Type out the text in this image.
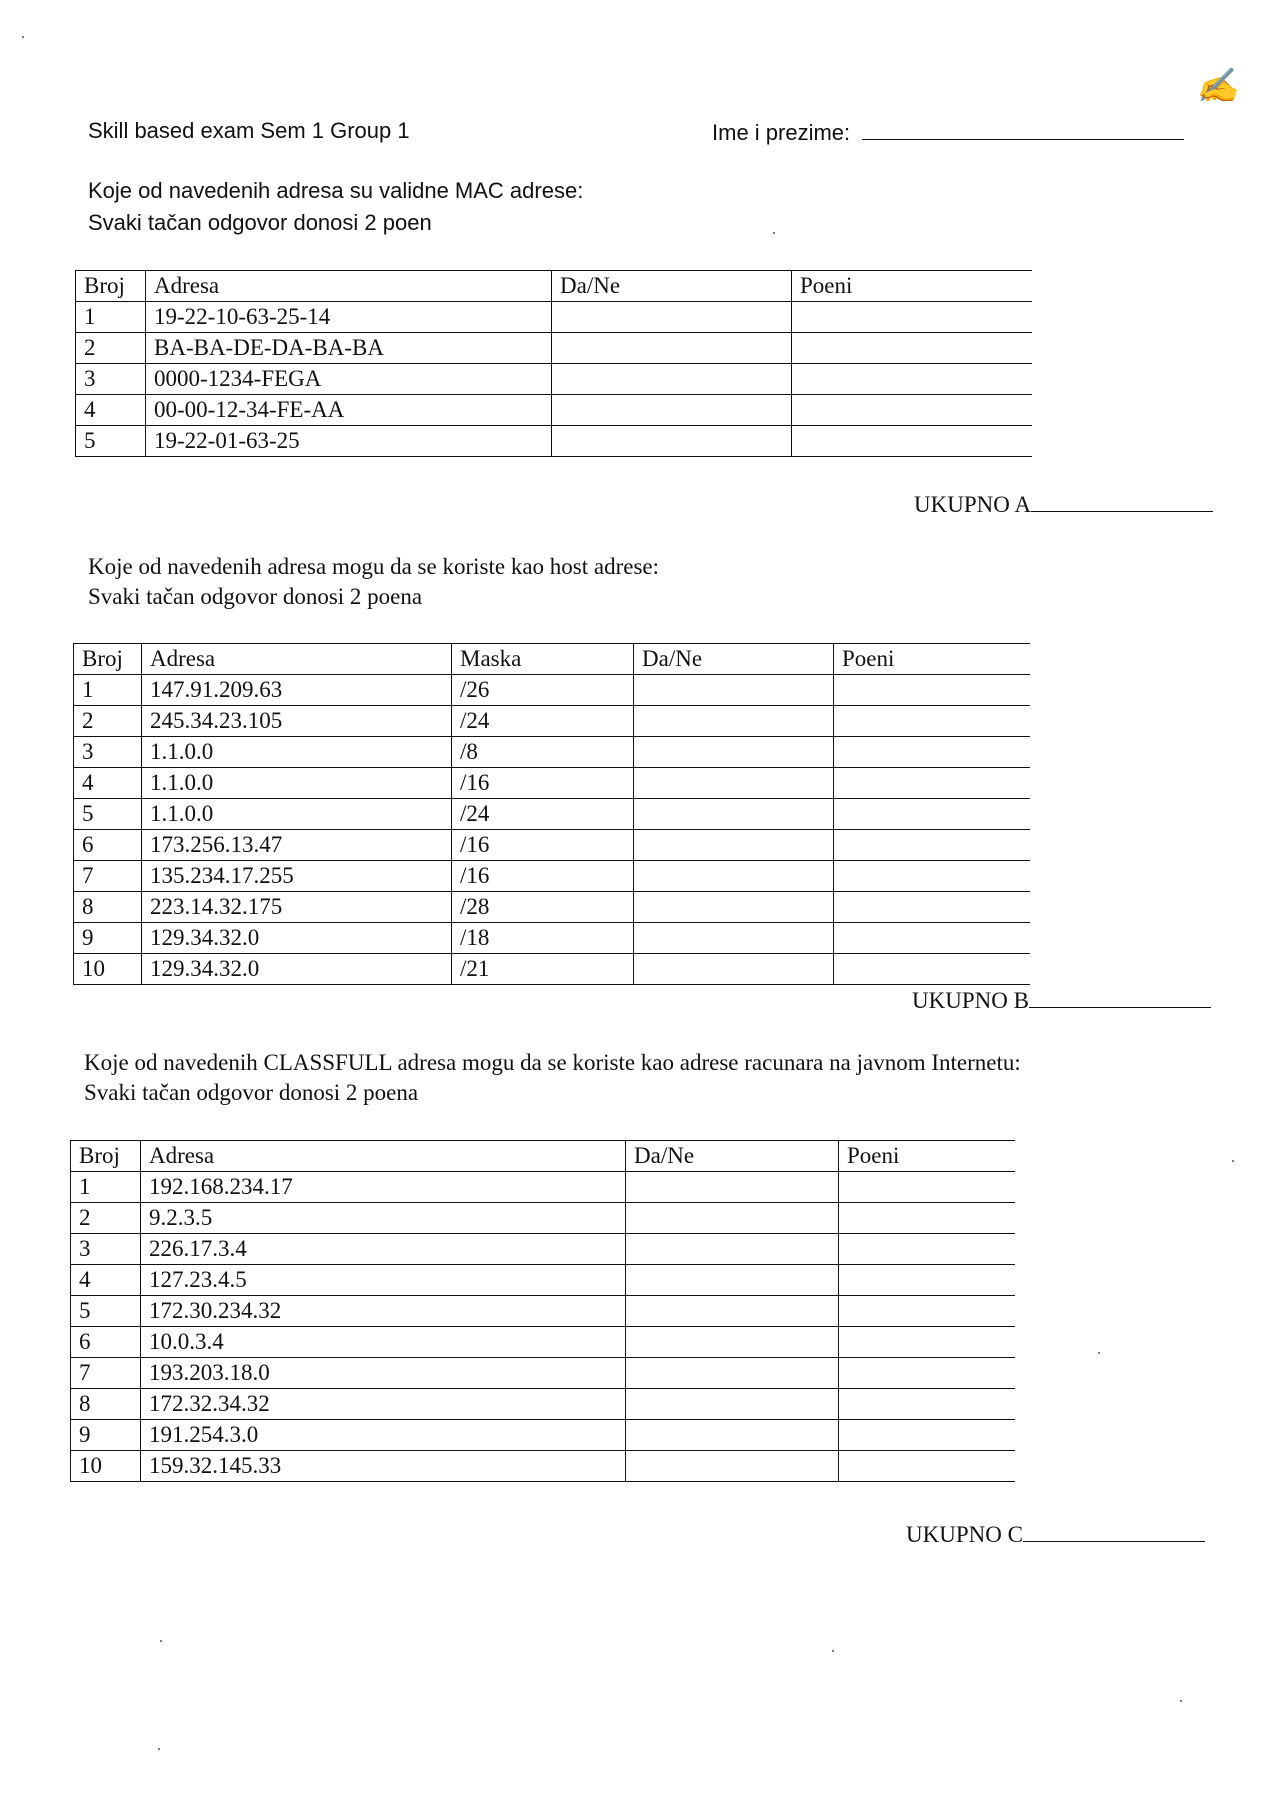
✍
Skill based exam Sem 1 Group 1	Ime i prezime:
Koje od navedenih adresa su validne MAC adrese:
Svaki tačan odgovor donosi 2 poen
Broj	Adresa	Da/Ne	Poeni
1	19-22-10-63-25-14		
2	BA-BA-DE-DA-BA-BA		
3	0000-1234-FEGA		
4	00-00-12-34-FE-AA		
5	19-22-01-63-25		
UKUPNO A
Koje od navedenih adresa mogu da se koriste kao host adrese:
Svaki tačan odgovor donosi 2 poena
Broj	Adresa	Maska	Da/Ne	Poeni
1	147.91.209.63	/26		
2	245.34.23.105	/24		
3	1.1.0.0	/8		
4	1.1.0.0	/16		
5	1.1.0.0	/24		
6	173.256.13.47	/16		
7	135.234.17.255	/16		
8	223.14.32.175	/28		
9	129.34.32.0	/18		
10	129.34.32.0	/21		
UKUPNO B
Koje od navedenih CLASSFULL adresa mogu da se koriste kao adrese racunara na javnom Internetu:
Svaki tačan odgovor donosi 2 poena
Broj	Adresa	Da/Ne	Poeni
1	192.168.234.17		
2	9.2.3.5		
3	226.17.3.4		
4	127.23.4.5		
5	172.30.234.32		
6	10.0.3.4		
7	193.203.18.0		
8	172.32.34.32		
9	191.254.3.0		
10	159.32.145.33		
UKUPNO C
